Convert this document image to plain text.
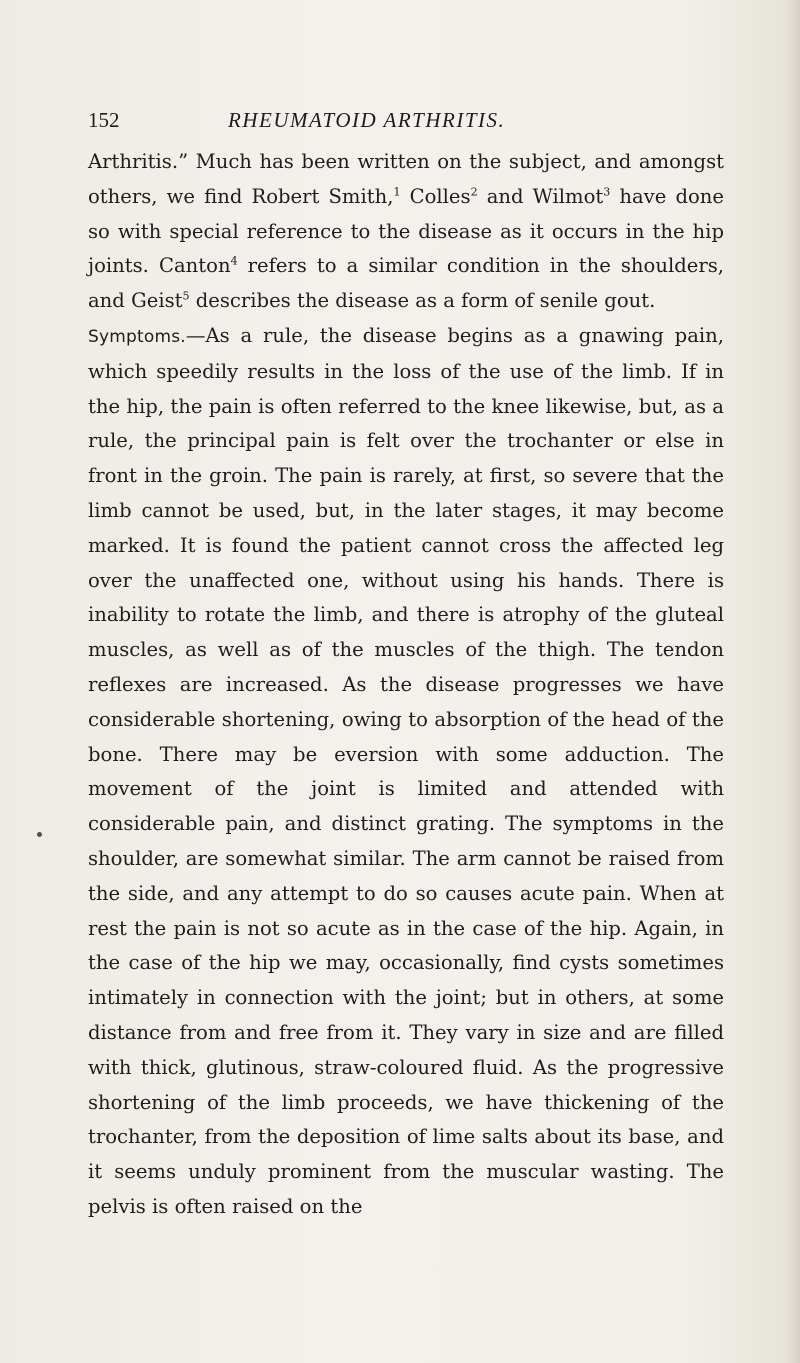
152	RHEUMATOID ARTHRITIS.

Arthritis.” Much has been written on the subject, and amongst others, we find Robert Smith,$^1$ Colles$^2$ and Wilmot$^3$ have done so with special reference to the disease as it occurs in the hip joints. Canton$^4$ refers to a similar condition in the shoulders, and Geist$^5$ describes the disease as a form of senile gout.

Symptoms.—As a rule, the disease begins as a gnawing pain, which speedily results in the loss of the use of the limb. If in the hip, the pain is often referred to the knee likewise, but, as a rule, the principal pain is felt over the trochanter or else in front in the groin. The pain is rarely, at first, so severe that the limb cannot be used, but, in the later stages, it may become marked. It is found the patient cannot cross the affected leg over the unaffected one, without using his hands. There is inability to rotate the limb, and there is atrophy of the gluteal muscles, as well as of the muscles of the thigh. The tendon reflexes are increased. As the disease progresses we have considerable shortening, owing to absorption of the head of the bone. There may be eversion with some adduction. The movement of the joint is limited and attended with considerable pain, and distinct grating. The symptoms in the shoulder, are somewhat similar. The arm cannot be raised from the side, and any attempt to do so causes acute pain. When at rest the pain is not so acute as in the case of the hip. Again, in the case of the hip we may, occasionally, find cysts sometimes intimately in connection with the joint; but in others, at some distance from and free from it. They vary in size and are filled with thick, glutinous, straw-coloured fluid. As the progressive shortening of the limb proceeds, we have thickening of the trochanter, from the deposition of lime salts about its base, and it seems unduly prominent from the muscular wasting. The pelvis is often raised on the
